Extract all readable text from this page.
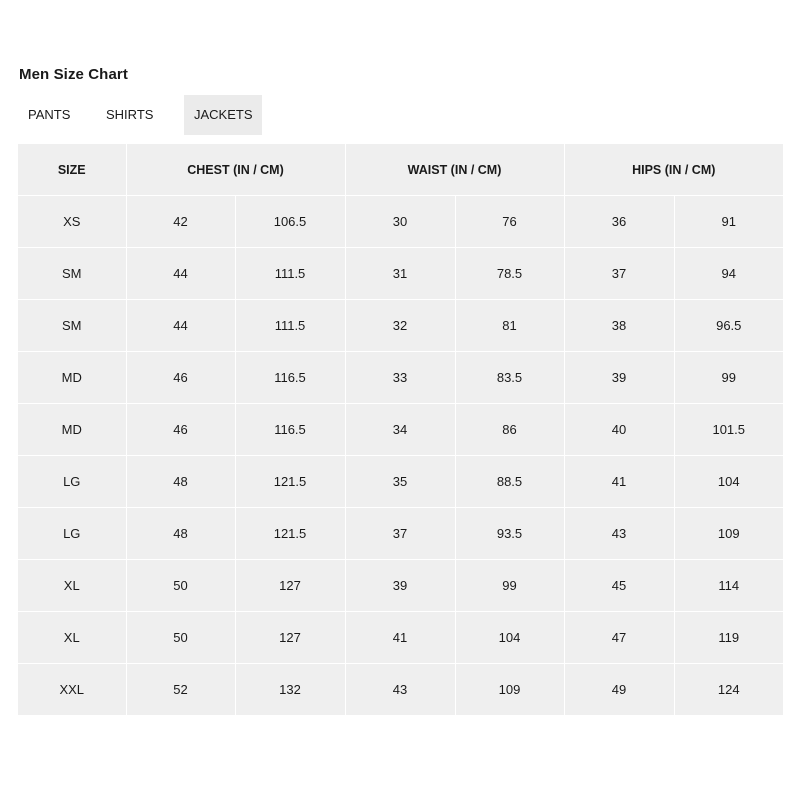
Men Size Chart
PANTS	SHIRTS	JACKETS
SIZE	CHEST (IN / CM)		WAIST (IN / CM)		HIPS (IN / CM)	
XS	42	106.5	30	76	36	91
SM	44	111.5	31	78.5	37	94
SM	44	111.5	32	81	38	96.5
MD	46	116.5	33	83.5	39	99
MD	46	116.5	34	86	40	101.5
LG	48	121.5	35	88.5	41	104
LG	48	121.5	37	93.5	43	109
XL	50	127	39	99	45	114
XL	50	127	41	104	47	119
XXL	52	132	43	109	49	124
